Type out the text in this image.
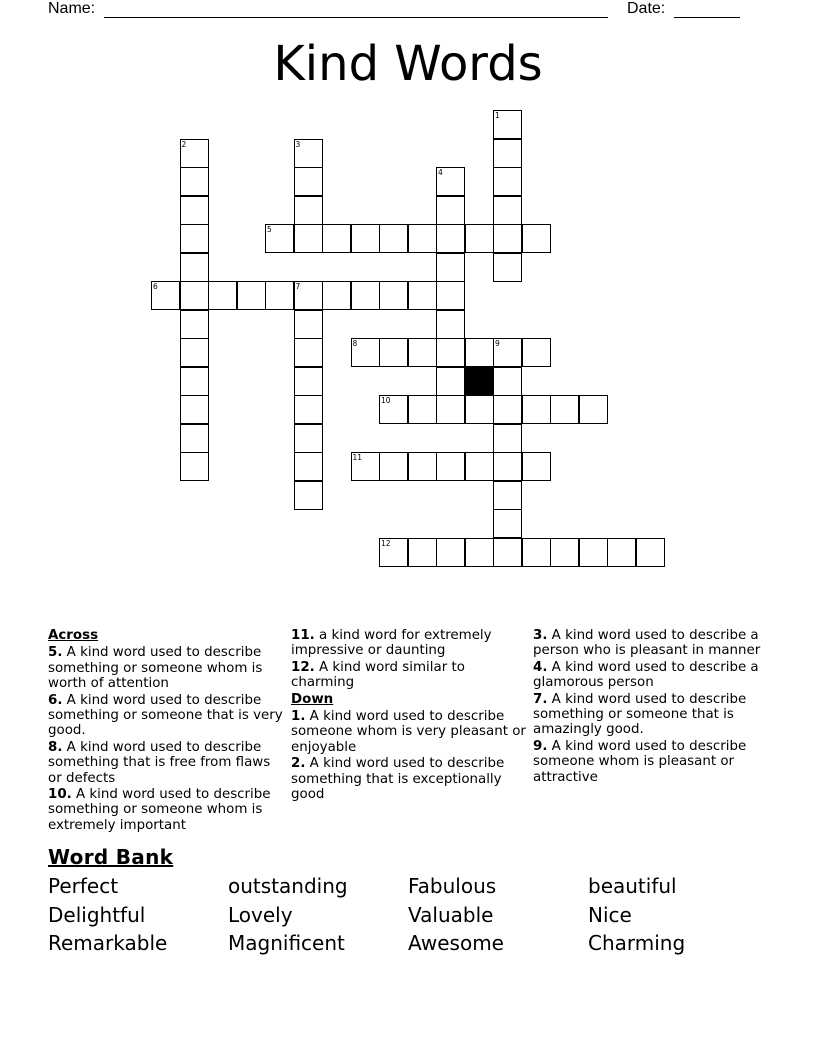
Name:	Date:
Kind Words
1
2	3
4
5
6	7
8	9
10
11
12
Across
5. A kind word used to describe something or someone whom is worth of attention
6. A kind word used to describe something or someone that is very good.
8. A kind word used to describe something that is free from flaws or defects
10. A kind word used to describe something or someone whom is extremely important
11. a kind word for extremely impressive or daunting
12. A kind word similar to charming
Down
1. A kind word used to describe someone whom is very pleasant or enjoyable
2. A kind word used to describe something that is exceptionally good
3. A kind word used to describe a person who is pleasant in manner
4. A kind word used to describe a glamorous person
7. A kind word used to describe something or someone that is amazingly good.
9. A kind word used to describe someone whom is pleasant or attractive
Word Bank
Perfect	outstanding	Fabulous	beautiful
Delightful	Lovely	Valuable	Nice
Remarkable	Magnificent	Awesome	Charming
